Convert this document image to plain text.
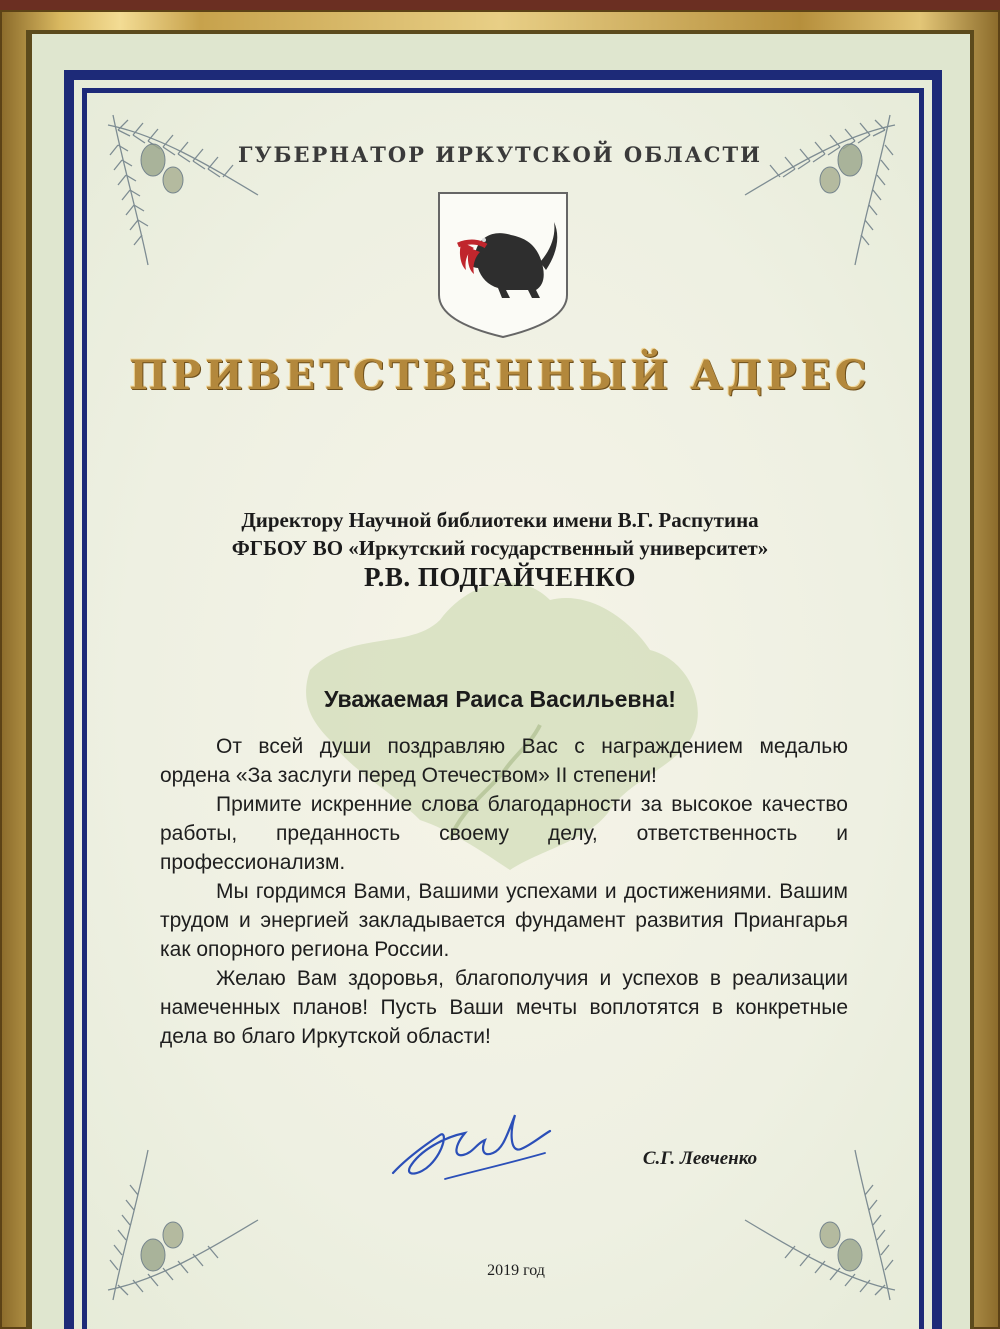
ГУБЕРНАТОР ИРКУТСКОЙ ОБЛАСТИ
ПРИВЕТСТВЕННЫЙ АДРЕС
Директору Научной библиотеки имени В.Г. Распутина
ФГБОУ ВО «Иркутский государственный университет»
Р.В. ПОДГАЙЧЕНКО
Уважаемая Раиса Васильевна!

От всей души поздравляю Вас с награждением медалью ордена «За заслуги перед Отечеством» II степени!

Примите искренние слова благодарности за высокое качество работы, преданность своему делу, ответственность и профессионализм.

Мы гордимся Вами, Вашими успехами и достижениями. Вашим трудом и энергией закладывается фундамент развития Приангарья как опорного региона России.

Желаю Вам здоровья, благополучия и успехов в реализации намеченных планов! Пусть Ваши мечты воплотятся в конкретные дела во благо Иркутской области!

С.Г. Левченко
2019 год
